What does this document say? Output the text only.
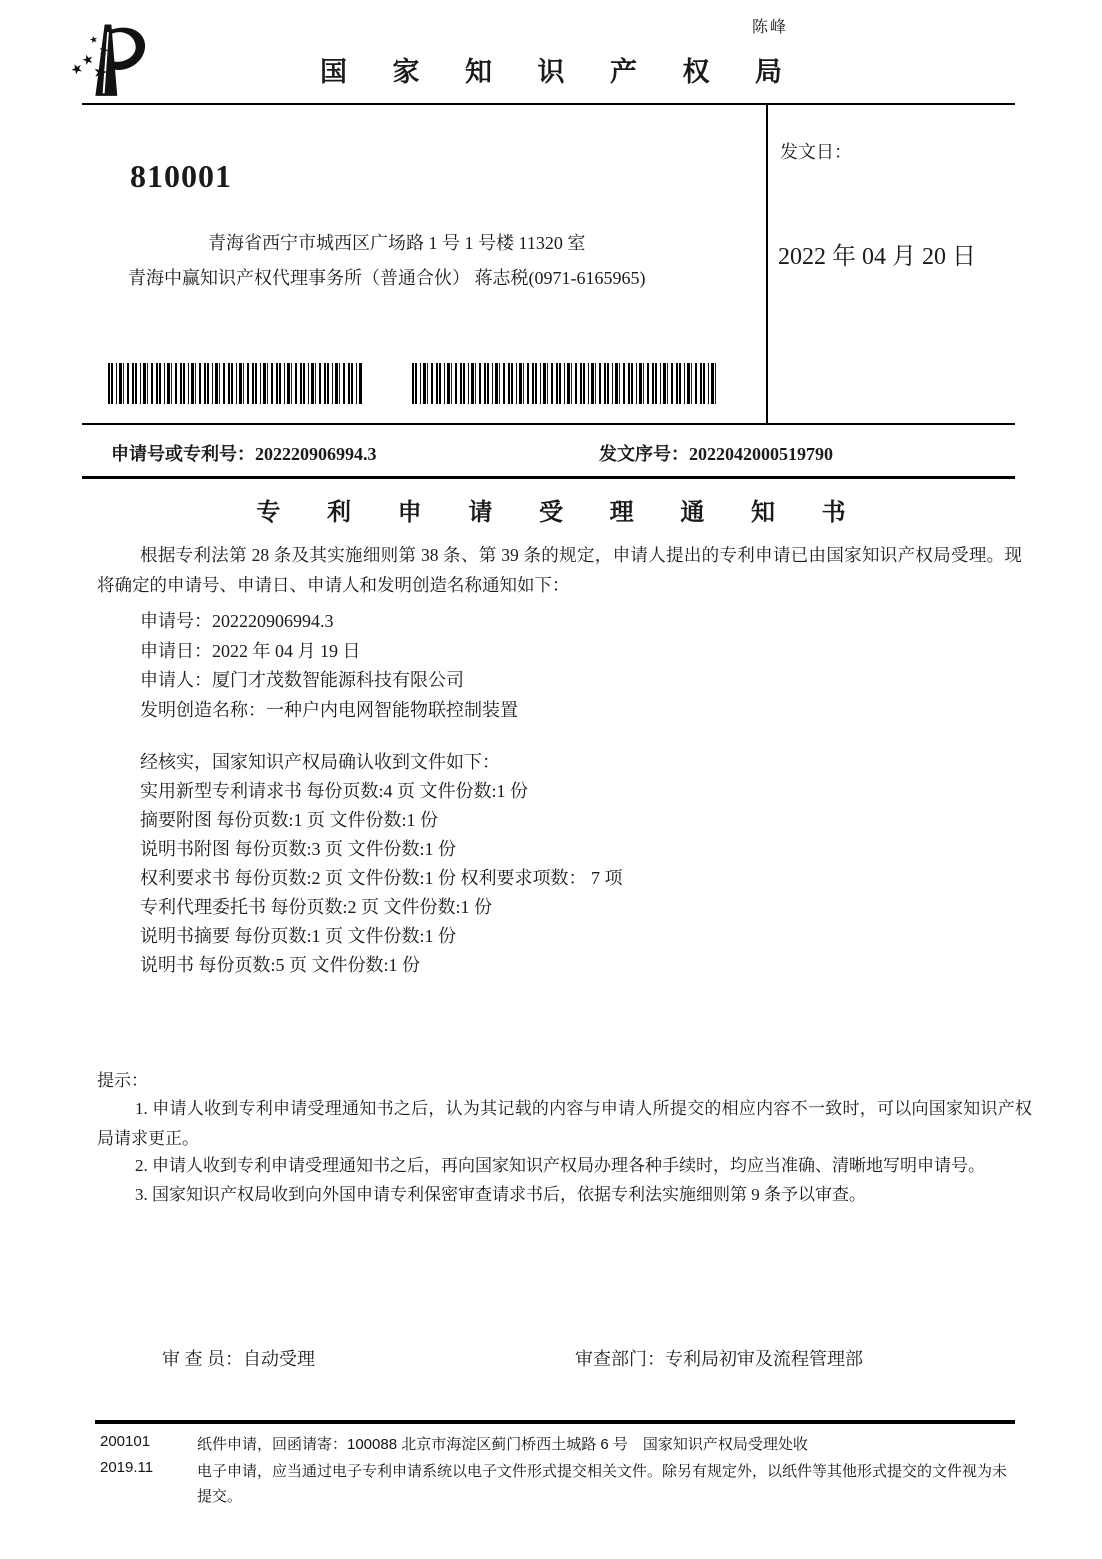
陈峰
国 家 知 识 产 权 局
810001
青海省西宁市城西区广场路 1 号 1 号楼 11320 室
青海中赢知识产权代理事务所（普通合伙） 蒋志税(0971-6165965)
发文日：
2022 年 04 月 20 日
申请号或专利号：202220906994.3	发文序号：2022042000519790
专 利 申 请 受 理 通 知 书
根据专利法第 28 条及其实施细则第 38 条、第 39 条的规定，申请人提出的专利申请已由国家知识产权局受理。现将确定的申请号、申请日、申请人和发明创造名称通知如下：
申请号：202220906994.3
申请日：2022 年 04 月 19 日
申请人：厦门才茂数智能源科技有限公司
发明创造名称：一种户内电网智能物联控制装置
经核实，国家知识产权局确认收到文件如下：
实用新型专利请求书 每份页数:4 页 文件份数:1 份
摘要附图 每份页数:1 页 文件份数:1 份
说明书附图 每份页数:3 页 文件份数:1 份
权利要求书 每份页数:2 页 文件份数:1 份 权利要求项数： 7 项
专利代理委托书 每份页数:2 页 文件份数:1 份
说明书摘要 每份页数:1 页 文件份数:1 份
说明书 每份页数:5 页 文件份数:1 份
提示：
1. 申请人收到专利申请受理通知书之后，认为其记载的内容与申请人所提交的相应内容不一致时，可以向国家知识产权局请求更正。
2. 申请人收到专利申请受理通知书之后，再向国家知识产权局办理各种手续时，均应当准确、清晰地写明申请号。
3. 国家知识产权局收到向外国申请专利保密审查请求书后，依据专利法实施细则第 9 条予以审查。
审 查 员：自动受理	审查部门：专利局初审及流程管理部
200101
2019.11
纸件申请，回函请寄：100088 北京市海淀区蓟门桥西土城路 6 号　国家知识产权局受理处收
电子申请，应当通过电子专利申请系统以电子文件形式提交相关文件。除另有规定外，以纸件等其他形式提交的文件视为未提交。
